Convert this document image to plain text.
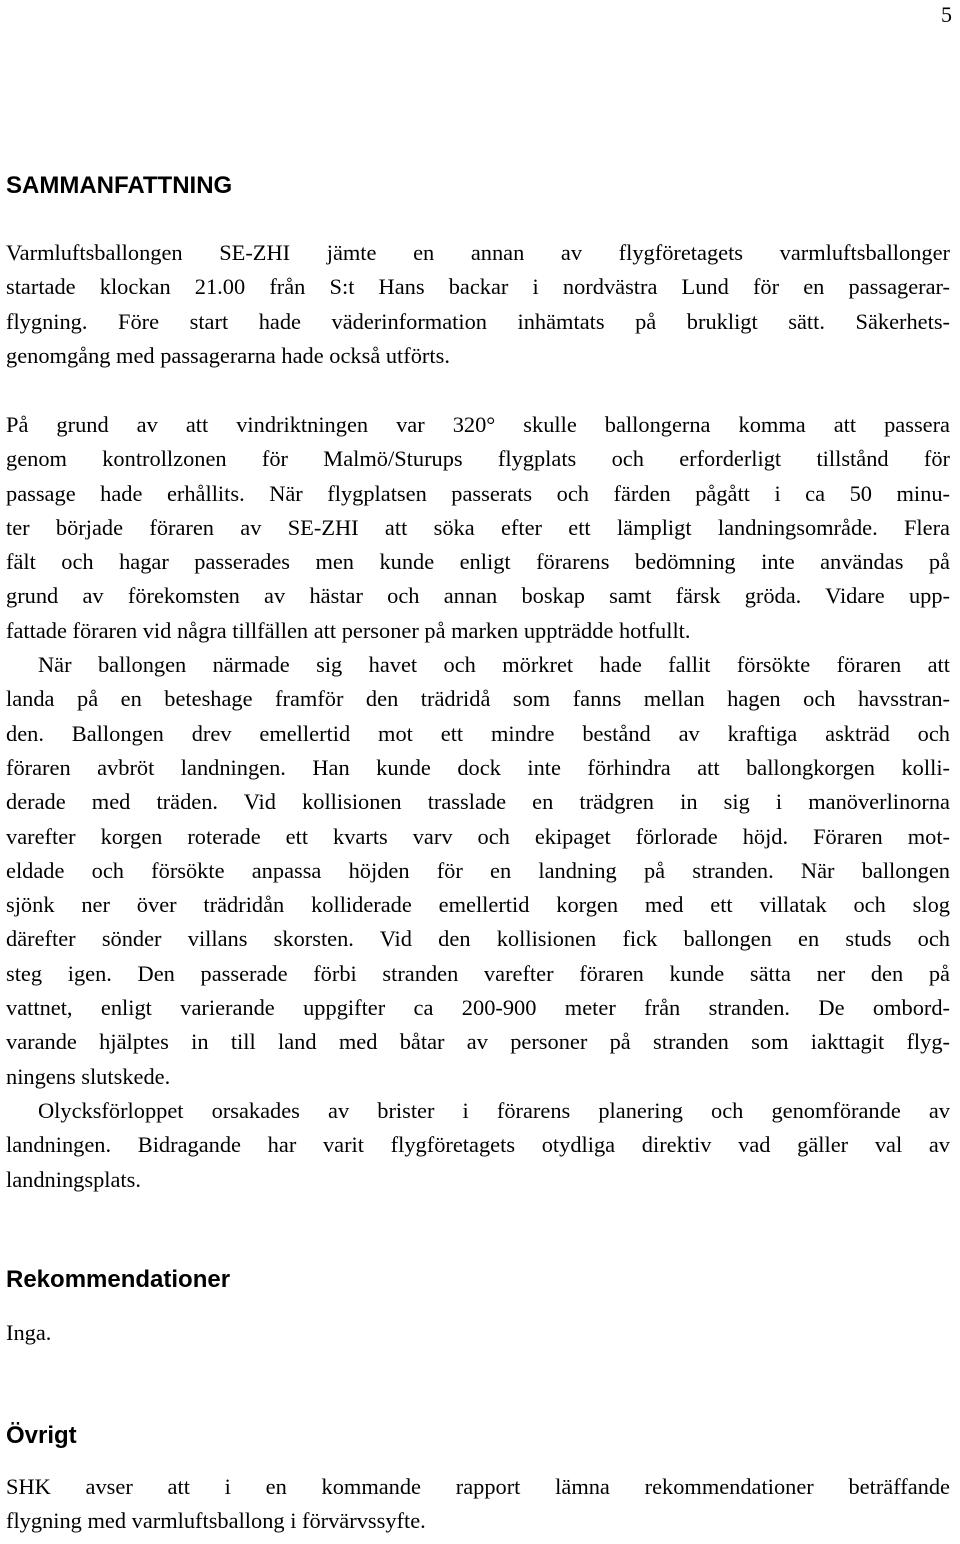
5
SAMMANFATTNING
Varmluftsballongen SE-ZHI jämte en annan av flygföretagets varmluftsballonger
startade klockan 21.00 från S:t Hans backar i nordvästra Lund för en passagerar-
flygning. Före start hade väderinformation inhämtats på brukligt sätt. Säkerhets-
genomgång med passagerarna hade också utförts.
På grund av att vindriktningen var 320° skulle ballongerna komma att passera
genom kontrollzonen för Malmö/Sturups flygplats och erforderligt tillstånd för
passage hade erhållits. När flygplatsen passerats och färden pågått i ca 50 minu-
ter började föraren av SE-ZHI att söka efter ett lämpligt landningsområde. Flera
fält och hagar passerades men kunde enligt förarens bedömning inte användas på
grund av förekomsten av hästar och annan boskap samt färsk gröda. Vidare upp-
fattade föraren vid några tillfällen att personer på marken uppträdde hotfullt.
När ballongen närmade sig havet och mörkret hade fallit försökte föraren att
landa på en beteshage framför den trädridå som fanns mellan hagen och havsstran-
den. Ballongen drev emellertid mot ett mindre bestånd av kraftiga askträd och
föraren avbröt landningen. Han kunde dock inte förhindra att ballongkorgen kolli-
derade med träden. Vid kollisionen trasslade en trädgren in sig i manöverlinorna
varefter korgen roterade ett kvarts varv och ekipaget förlorade höjd. Föraren mot-
eldade och försökte anpassa höjden för en landning på stranden. När ballongen
sjönk ner över trädridån kolliderade emellertid korgen med ett villatak och slog
därefter sönder villans skorsten. Vid den kollisionen fick ballongen en studs och
steg igen. Den passerade förbi stranden varefter föraren kunde sätta ner den på
vattnet, enligt varierande uppgifter ca 200-900 meter från stranden. De ombord-
varande hjälptes in till land med båtar av personer på stranden som iakttagit flyg-
ningens slutskede.
Olycksförloppet orsakades av brister i förarens planering och genomförande av
landningen. Bidragande har varit flygföretagets otydliga direktiv vad gäller val av
landningsplats.
Rekommendationer
Inga.
Övrigt
SHK avser att i en kommande rapport lämna rekommendationer beträffande
flygning med varmluftsballong i förvärvssyfte.
